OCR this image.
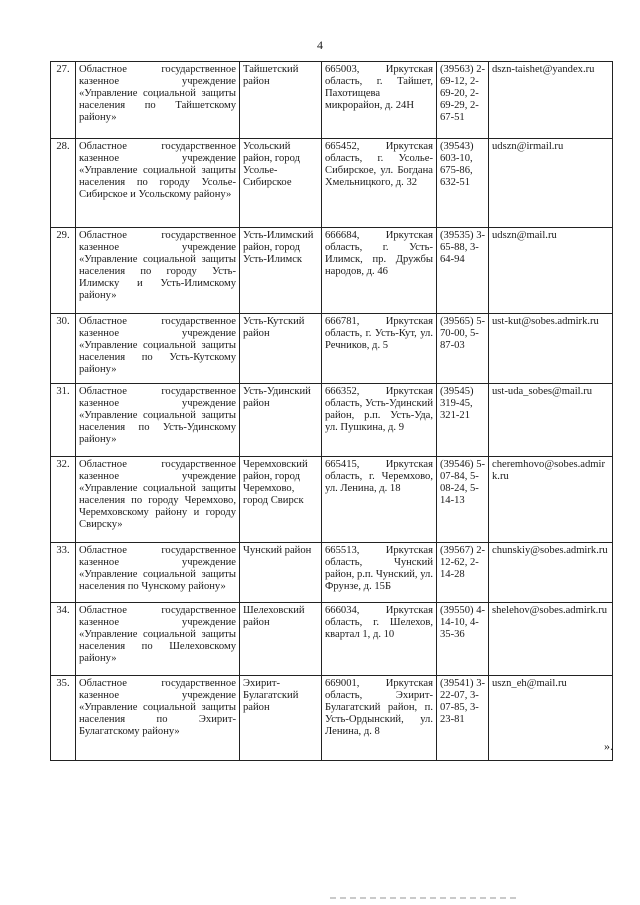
4
27.	Областное государственное казенное учреждение «Управление социальной защиты населения по Тайшетскому району»	Тайшетский район	665003, Иркутская область, г. Тайшет, Пахотищева микрорайон, д. 24Н	(39563) 2-69-12, 2-69-20, 2-69-29, 2-67-51	dszn-taishet@yandex.ru
28.	Областное государственное казенное учреждение «Управление социальной защиты населения по городу Усолье-Сибирское и Усольскому району»	Усольский район, город Усолье-Сибирское	665452, Иркутская область, г. Усолье-Сибирское, ул. Богдана Хмельницкого, д. 32	(39543) 603-10, 675-86, 632-51	udszn@irmail.ru
29.	Областное государственное казенное учреждение «Управление социальной защиты населения по городу Усть-Илимску и Усть-Илимскому району»	Усть-Илимский район, город Усть-Илимск	666684, Иркутская область, г. Усть-Илимск, пр. Дружбы народов, д. 46	(39535) 3-65-88, 3-64-94	udszn@mail.ru
30.	Областное государственное казенное учреждение «Управление социальной защиты населения по Усть-Кутскому району»	Усть-Кутский район	666781, Иркутская область, г. Усть-Кут, ул. Речников, д. 5	(39565) 5-70-00, 5-87-03	ust-kut@sobes.admirk.ru
31.	Областное государственное казенное учреждение «Управление социальной защиты населения по Усть-Удинскому району»	Усть-Удинский район	666352, Иркутская область, Усть-Удинский район, р.п. Усть-Уда, ул. Пушкина, д. 9	(39545) 319-45, 321-21	ust-uda_sobes@mail.ru
32.	Областное государственное казенное учреждение «Управление социальной защиты населения по городу Черемхово, Черемховскому району и городу Свирску»	Черемховский район, город Черемхово, город Свирск	665415, Иркутская область, г. Черемхово, ул. Ленина, д. 18	(39546) 5-07-84, 5-08-24, 5-14-13	cheremhovo@sobes.admirk.ru
33.	Областное государственное казенное учреждение «Управление социальной защиты населения по Чунскому району»	Чунский район	665513, Иркутская область, Чунский район, р.п. Чунский, ул. Фрунзе, д. 15Б	(39567) 2-12-62, 2-14-28	chunskiy@sobes.admirk.ru
34.	Областное государственное казенное учреждение «Управление социальной защиты населения по Шелеховскому району»	Шелеховский район	666034, Иркутская область, г. Шелехов, квартал 1, д. 10	(39550) 4-14-10, 4-35-36	shelehov@sobes.admirk.ru
35.	Областное государственное казенное учреждение «Управление социальной защиты населения по Эхирит-Булагатскому району»	Эхирит-Булагатский район	669001, Иркутская область, Эхирит-Булагатский район, п. Усть-Ордынский, ул. Ленина, д. 8	(39541) 3-22-07, 3-07-85, 3-23-81	uszn_eh@mail.ru
».
